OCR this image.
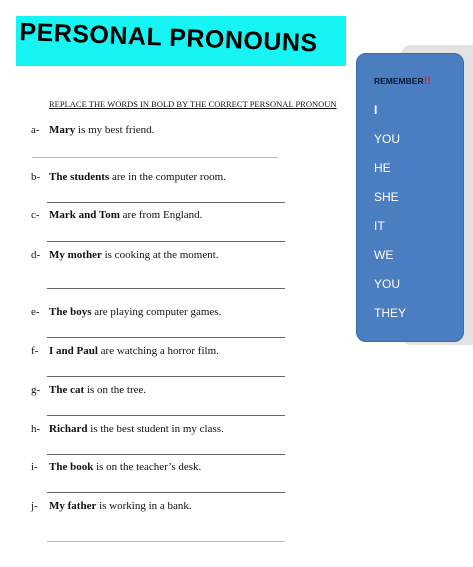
PERSONAL PRONOUNS
REPLACE THE WORDS IN BOLD BY THE CORRECT PERSONAL PRONOUN
a- Mary is my best friend.
b- The students are in the computer room.
c- Mark and Tom are from England.
d- My mother is cooking at the moment.
e- The boys are playing computer games.
f- I and Paul are watching a horror film.
g- The cat is on the tree.
h- Richard is the best student in my class.
i- The book is on the teacher’s desk.
j- My father is working in a bank.
REMEMBER!!
I
YOU
HE
SHE
IT
WE
YOU
THEY
